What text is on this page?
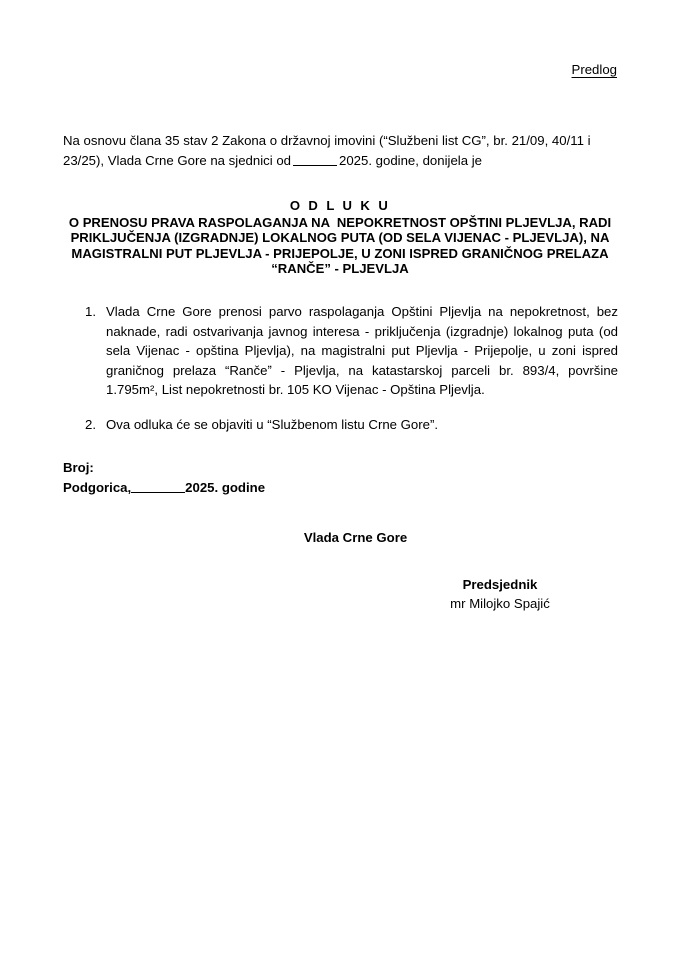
Predlog

Na osnovu člana 35 stav 2 Zakona o državnoj imovini (“Službeni list CG”, br. 21/09, 40/11 i 23/25), Vlada Crne Gore na sjednici od	2025. godine, donijela je

O D L U K U
O PRENOSU PRAVA RASPOLAGANJA NA  NEPOKRETNOST OPŠTINI PLJEVLJA, RADI PRIKLJUČENJA (IZGRADNJE) LOKALNOG PUTA (OD SELA VIJENAC - PLJEVLJA), NA MAGISTRALNI PUT PLJEVLJA - PRIJEPOLJE, U ZONI ISPRED GRANIČNOG PRELAZA “RANČE” - PLJEVLJA
1. Vlada Crne Gore prenosi parvo raspolaganja Opštini Pljevlja na nepokretnost, bez naknade, radi ostvarivanja javnog interesa - priključenja (izgradnje) lokalnog puta (od sela Vijenac - opština Pljevlja), na magistralni put Pljevlja - Prijepolje, u zoni ispred graničnog prelaza “Rančeˮ - Pljevlja, na katastarskoj parceli br. 893/4, površine 1.795m², List nepokretnosti br. 105 KO Vijenac - Opština Pljevlja.
2. Ova odluka će se objaviti u “Službenom listu Crne Gore”.
Broj:
Podgorica,	2025. godine
Vlada Crne Gore
Predsjednik
mr Milojko Spajić
